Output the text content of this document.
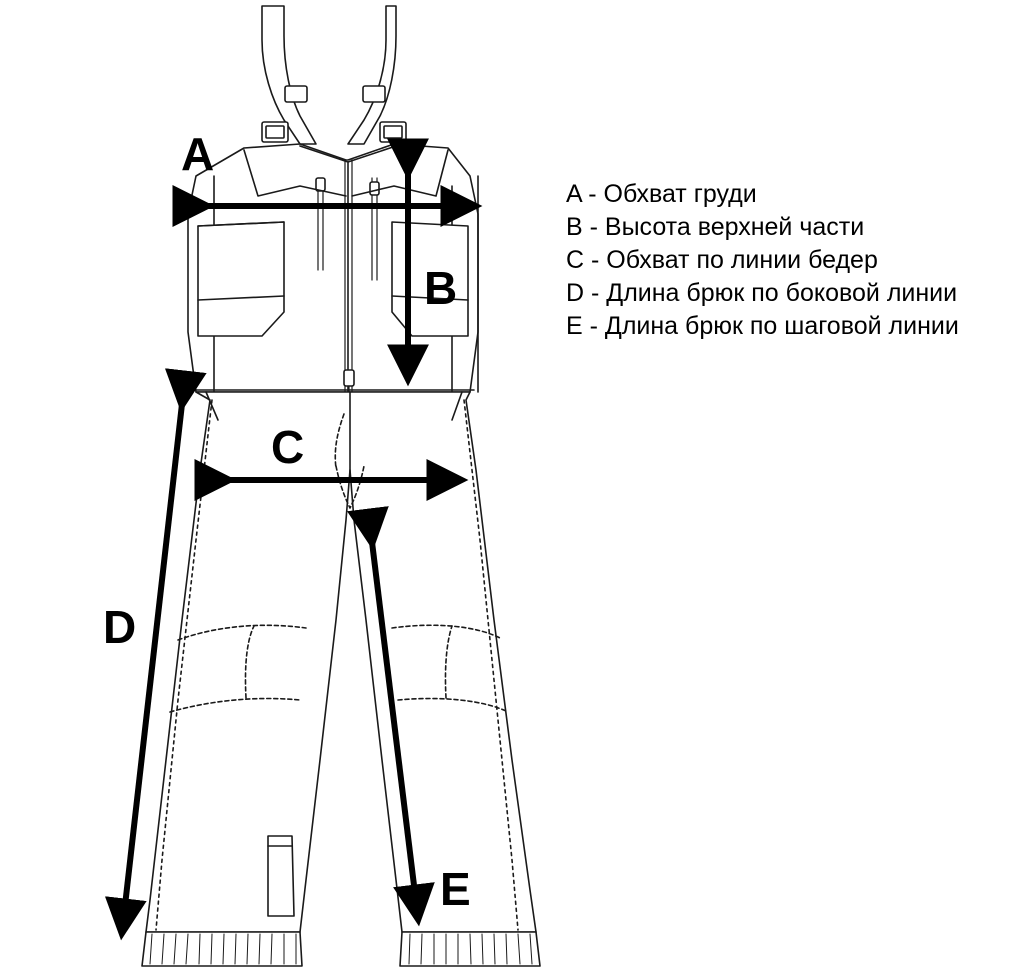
A
B
C
D
E
A - Обхват груди
B - Высота верхней части
C - Обхват по линии бедер
D - Длина брюк по боковой линии
E - Длина брюк по шаговой линии
